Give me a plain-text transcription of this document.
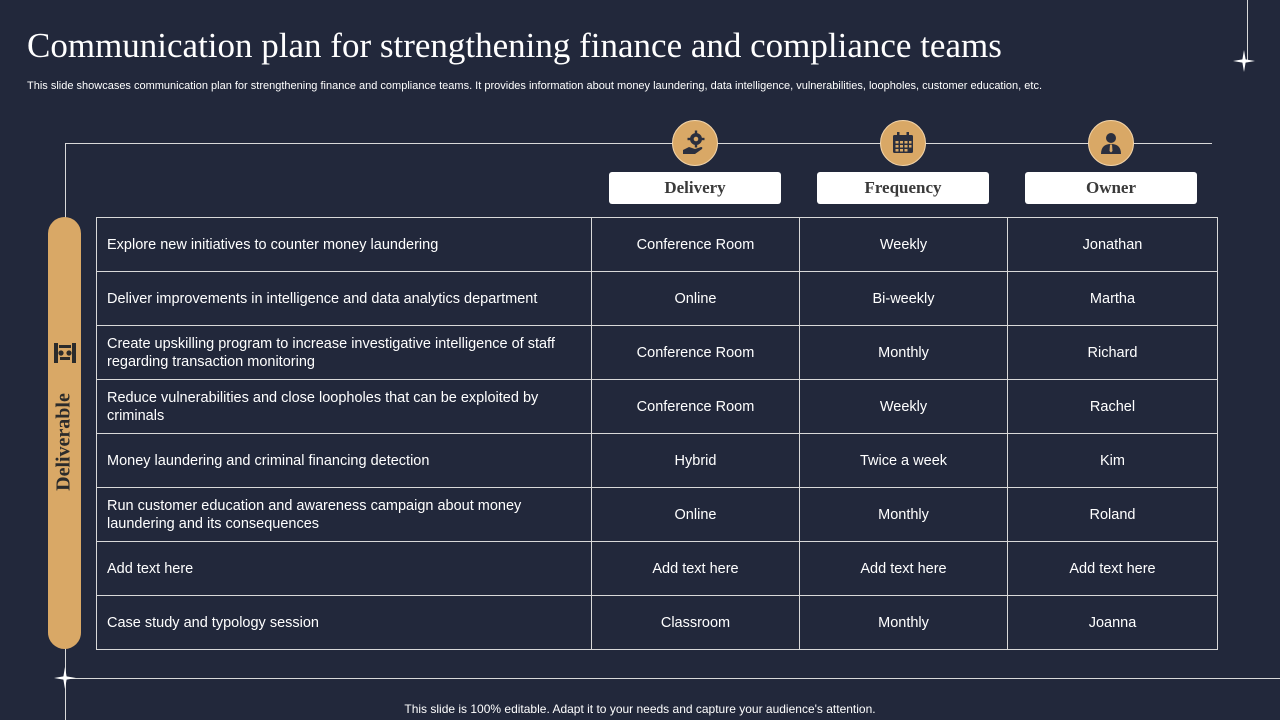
Communication plan for strengthening finance and compliance teams
This slide showcases communication plan for strengthening finance and compliance teams. It provides information about money laundering, data intelligence, vulnerabilities, loopholes, customer education, etc.
Delivery	Frequency	Owner
Deliverable
Explore new initiatives to counter money laundering	Conference Room	Weekly	Jonathan
Deliver improvements in intelligence and data analytics department	Online	Bi-weekly	Martha
Create upskilling program to increase investigative intelligence of staff regarding transaction monitoring	Conference Room	Monthly	Richard
Reduce vulnerabilities and close loopholes that can be exploited by criminals	Conference Room	Weekly	Rachel
Money laundering and criminal financing detection	Hybrid	Twice a week	Kim
Run customer education and awareness campaign about money laundering and its consequences	Online	Monthly	Roland
Add text here	Add text here	Add text here	Add text here
Case study and typology session	Classroom	Monthly	Joanna
This slide is 100% editable. Adapt it to your needs and capture your audience's attention.
